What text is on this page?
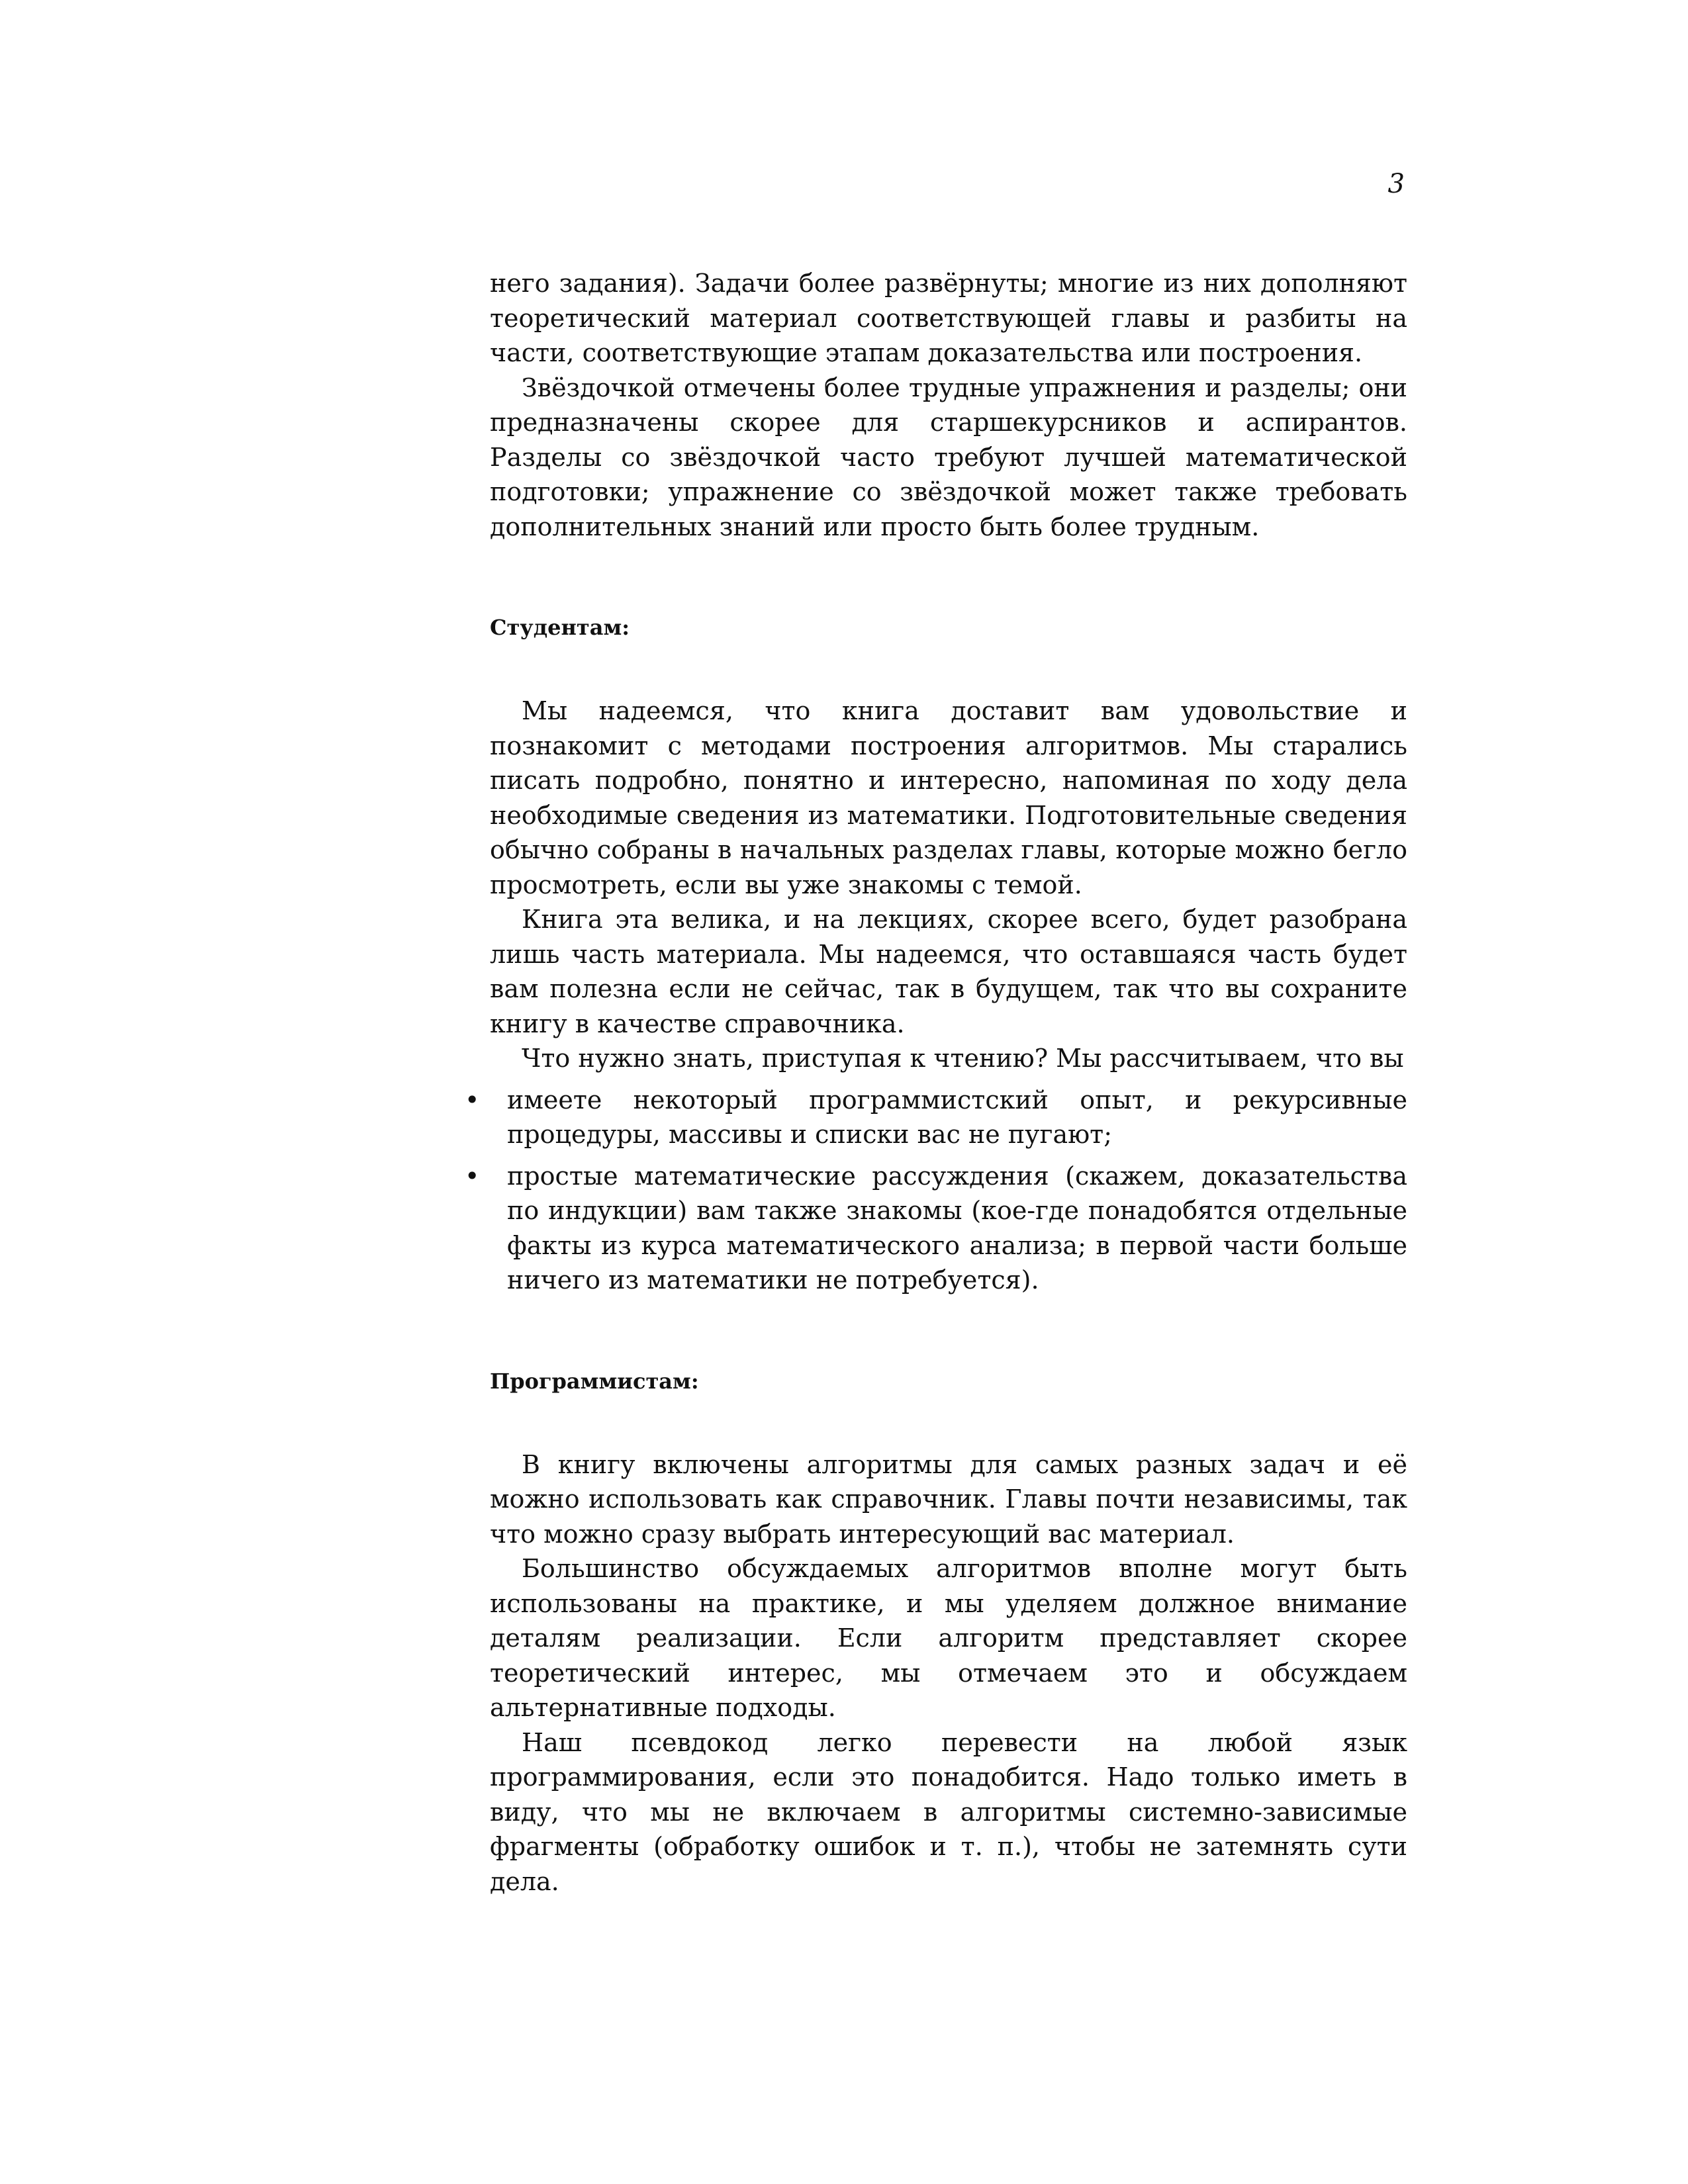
3

него задания). Задачи более развёрнуты; многие из них дополняют теоретический материал соответствующей главы и разбиты на части, соответствующие этапам доказательства или построения.

Звёздочкой отмечены более трудные упражнения и разделы; они предназначены скорее для старшекурсников и аспирантов. Разделы со звёздочкой часто требуют лучшей математической подготовки; упражнение со звёздочкой может также требовать дополнительных знаний или просто быть более трудным.

Студентам:

Мы надеемся, что книга доставит вам удовольствие и познакомит с методами построения алгоритмов. Мы старались писать подробно, понятно и интересно, напоминая по ходу дела необходимые сведения из математики. Подготовительные сведения обычно собраны в начальных разделах главы, которые можно бегло просмотреть, если вы уже знакомы с темой.

Книга эта велика, и на лекциях, скорее всего, будет разобрана лишь часть материала. Мы надеемся, что оставшаяся часть будет вам полезна если не сейчас, так в будущем, так что вы сохраните книгу в качестве справочника.

Что нужно знать, приступая к чтению? Мы рассчитываем, что вы

• имеете некоторый программистский опыт, и рекурсивные процедуры, массивы и списки вас не пугают;

• простые математические рассуждения (скажем, доказательства по индукции) вам также знакомы (кое-где понадобятся отдельные факты из курса математического анализа; в первой части больше ничего из математики не потребуется).

Программистам:

В книгу включены алгоритмы для самых разных задач и её можно использовать как справочник. Главы почти независимы, так что можно сразу выбрать интересующий вас материал.

Большинство обсуждаемых алгоритмов вполне могут быть использованы на практике, и мы уделяем должное внимание деталям реализации. Если алгоритм представляет скорее теоретический интерес, мы отмечаем это и обсуждаем альтернативные подходы.

Наш псевдокод легко перевести на любой язык программирования, если это понадобится. Надо только иметь в виду, что мы не включаем в алгоритмы системно-зависимые фрагменты (обработку ошибок и т. п.), чтобы не затемнять сути дела.
